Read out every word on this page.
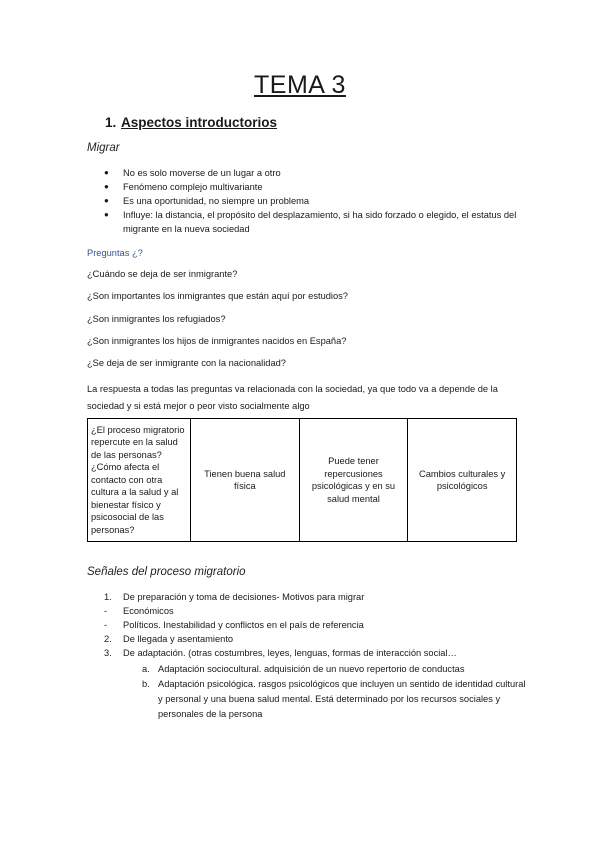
TEMA 3
1. Aspectos introductorios
Migrar
●	No es solo moverse de un lugar a otro
●	Fenómeno complejo multivariante
●	Es una oportunidad, no siempre un problema
●	Influye: la distancia, el propósito del desplazamiento, si ha sido forzado o elegido, el estatus del migrante en la nueva sociedad
Preguntas ¿?
¿Cuándo se deja de ser inmigrante?
¿Son importantes los inmigrantes que están aquí por estudios?
¿Son inmigrantes los refugiados?
¿Son inmigrantes los hijos de inmigrantes nacidos en España?
¿Se deja de ser inmigrante con la nacionalidad?
La respuesta a todas las preguntas va relacionada con la sociedad, ya que todo va a depende de la sociedad y si está mejor o peor visto socialmente algo
¿El proceso migratorio repercute en la salud de las personas? ¿Cómo afecta el contacto con otra cultura a la salud y al bienestar físico y psicosocial de las personas?	Tienen buena salud física	Puede tener repercusiones psicológicas y en su salud mental	Cambios culturales y psicológicos
Señales del proceso migratorio
1.	De preparación y toma de decisiones- Motivos para migrar
-	Económicos
-	Políticos. Inestabilidad y conflictos en el país de referencia
2.	De llegada y asentamiento
3.	De adaptación. (otras costumbres, leyes, lenguas, formas de interacción social…
a. Adaptación sociocultural. adquisición de un nuevo repertorio de conductas
b. Adaptación psicológica. rasgos psicológicos que incluyen un sentido de identidad cultural y personal y una buena salud mental. Está determinado por los recursos sociales y personales de la persona
